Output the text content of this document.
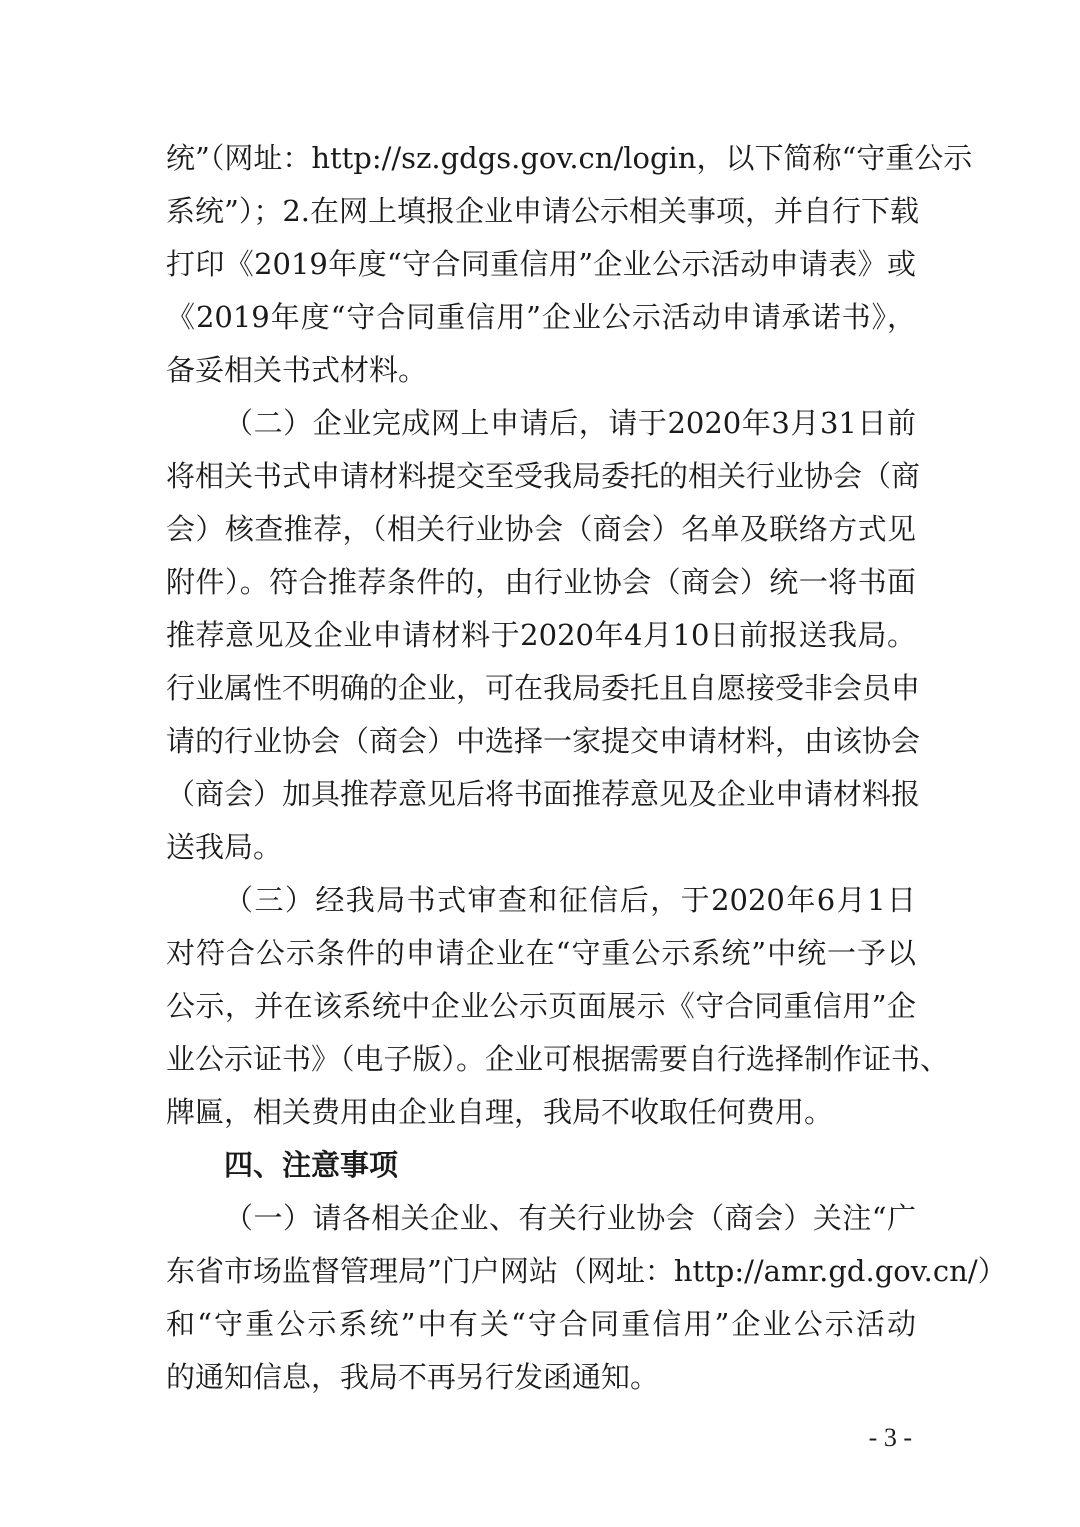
统”（网址：http://sz.gdgs.gov.cn/login，以下简称“守重公示
系统”）；2.在网上填报企业申请公示相关事项，并自行下载
打印《2019年度“守合同重信用”企业公示活动申请表》或
《2019年度“守合同重信用”企业公示活动申请承诺书》，
备妥相关书式材料。
（二）企业完成网上申请后，请于2020年3月31日前
将相关书式申请材料提交至受我局委托的相关行业协会（商
会）核查推荐，（相关行业协会（商会）名单及联络方式见
附件）。符合推荐条件的，由行业协会（商会）统一将书面
推荐意见及企业申请材料于2020年4月10日前报送我局。
行业属性不明确的企业，可在我局委托且自愿接受非会员申
请的行业协会（商会）中选择一家提交申请材料，由该协会
（商会）加具推荐意见后将书面推荐意见及企业申请材料报
送我局。
（三）经我局书式审查和征信后，于2020年6月1日
对符合公示条件的申请企业在“守重公示系统”中统一予以
公示，并在该系统中企业公示页面展示《守合同重信用”企
业公示证书》（电子版）。企业可根据需要自行选择制作证书、
牌匾，相关费用由企业自理，我局不收取任何费用。
四、注意事项
（一）请各相关企业、有关行业协会（商会）关注“广
东省市场监督管理局”门户网站（网址：http://amr.gd.gov.cn/）
和“守重公示系统”中有关“守合同重信用”企业公示活动
的通知信息，我局不再另行发函通知。
- 3 -
